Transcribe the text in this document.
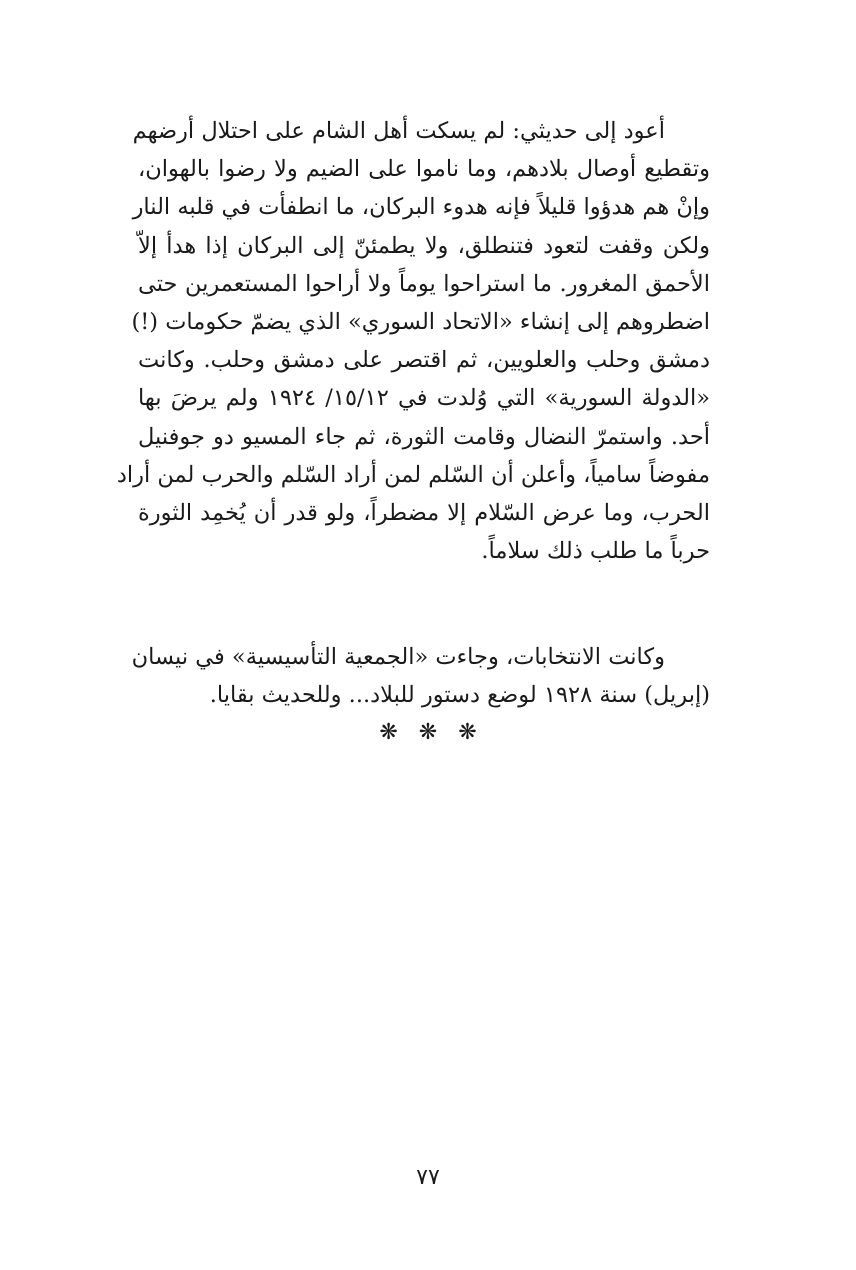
أعود إلى حديثي: لم يسكت أهل الشام على احتلال أرضهم
وتقطيع أوصال بلادهم، وما ناموا على الضيم ولا رضوا بالهوان،
وإنْ هم هدؤوا قليلاً فإنه هدوء البركان، ما انطفأت في قلبه النار
ولكن وقفت لتعود فتنطلق، ولا يطمئنّ إلى البركان إذا هدأ إلاّ
الأحمق المغرور. ما استراحوا يوماً ولا أراحوا المستعمرين حتى
اضطروهم إلى إنشاء «الاتحاد السوري» الذي يضمّ حكومات (!)
دمشق وحلب والعلويين، ثم اقتصر على دمشق وحلب. وكانت
«الدولة السورية» التي وُلدت في ١٥/١٢/ ١٩٢٤ ولم يرضَ بها
أحد. واستمرّ النضال وقامت الثورة، ثم جاء المسيو دو جوفنيل
مفوضاً سامياً، وأعلن أن السّلم لمن أراد السّلم والحرب لمن أراد
الحرب، وما عرض السّلام إلا مضطراً، ولو قدر أن يُخمِد الثورة
حرباً ما طلب ذلك سلاماً.
وكانت الانتخابات، وجاءت «الجمعية التأسيسية» في نيسان
(إبريل) سنة ١٩٢٨ لوضع دستور للبلاد... وللحديث بقايا.
❋ ❋ ❋
٧٧
